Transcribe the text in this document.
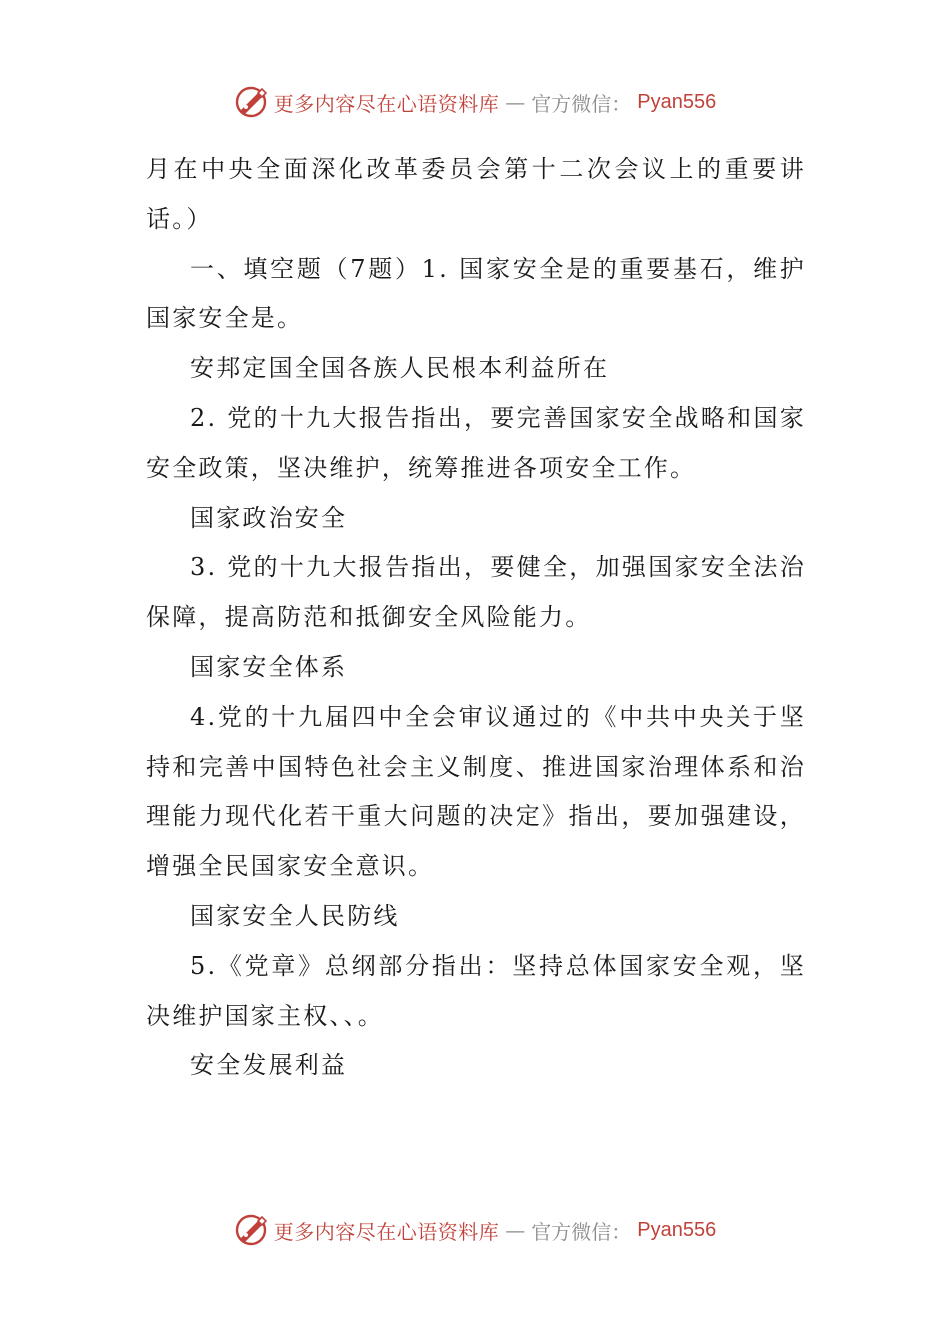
更多内容尽在心语资料库 — 官方微信： Pyan556

月在中央全面深化改革委员会第十二次会议上的重要讲话。）

一、填空题（7题）1. 国家安全是的重要基石，维护国家安全是。

安邦定国全国各族人民根本利益所在

2. 党的十九大报告指出，要完善国家安全战略和国家安全政策，坚决维护，统筹推进各项安全工作。

国家政治安全

3. 党的十九大报告指出，要健全，加强国家安全法治保障，提高防范和抵御安全风险能力。

国家安全体系

4.党的十九届四中全会审议通过的《中共中央关于坚持和完善中国特色社会主义制度、推进国家治理体系和治理能力现代化若干重大问题的决定》指出，要加强建设，增强全民国家安全意识。

国家安全人民防线

5.《党章》总纲部分指出：坚持总体国家安全观，坚决维护国家主权、、。

安全发展利益

更多内容尽在心语资料库 — 官方微信： Pyan556
